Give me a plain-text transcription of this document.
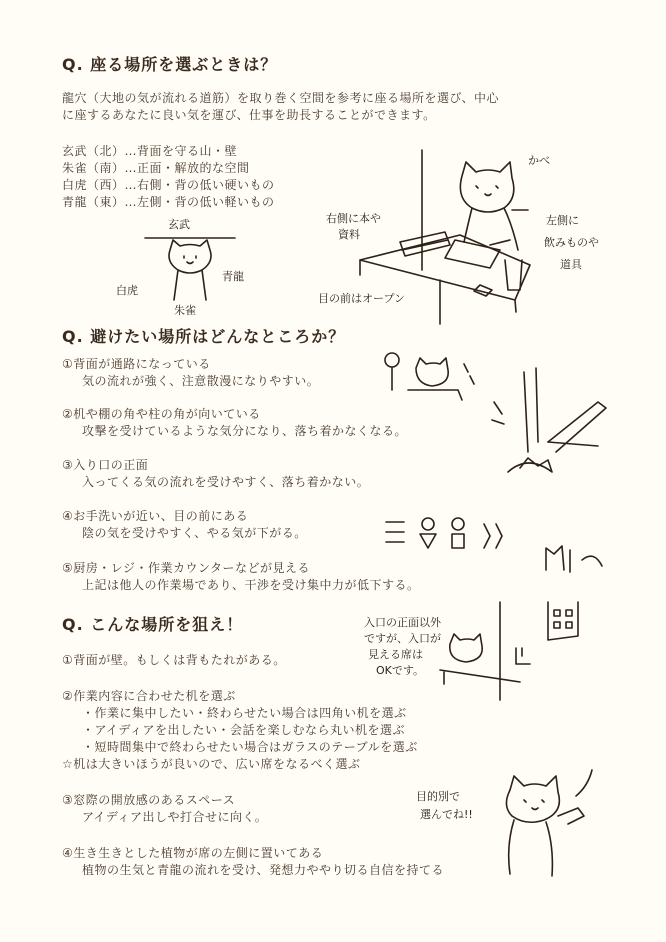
Q. 座る場所を選ぶときは？
龍穴（大地の気が流れる道筋）を取り巻く空間を参考に座る場所を選び、中心
に座するあなたに良い気を運び、仕事を助長することができます。
玄武（北）…背面を守る山・壁
朱雀（南）…正面・解放的な空間
白虎（西）…右側・背の低い硬いもの
青龍（東）…左側・背の低い軽いもの
玄武
白虎
青龍
朱雀
かべ
右側に本や
資料
左側に
飲みものや
道具
目の前はオープン
Q. 避けたい場所はどんなところか？
①背面が通路になっている
気の流れが強く、注意散漫になりやすい。
②机や棚の角や柱の角が向いている
攻撃を受けているような気分になり、落ち着かなくなる。
③入り口の正面
入ってくる気の流れを受けやすく、落ち着かない。
④お手洗いが近い、目の前にある
陰の気を受けやすく、やる気が下がる。
⑤厨房・レジ・作業カウンターなどが見える
上記は他人の作業場であり、干渉を受け集中力が低下する。
Q. こんな場所を狙え！
①背面が壁。もしくは背もたれがある。
②作業内容に合わせた机を選ぶ
・作業に集中したい・終わらせたい場合は四角い机を選ぶ
・アイディアを出したい・会話を楽しむなら丸い机を選ぶ
・短時間集中で終わらせたい場合はガラスのテーブルを選ぶ
☆机は大きいほうが良いので、広い席をなるべく選ぶ
③窓際の開放感のあるスペース
アイディア出しや打合せに向く。
④生き生きとした植物が席の左側に置いてある
植物の生気と青龍の流れを受け、発想力ややり切る自信を持てる
入口の正面以外
ですが、入口が
見える席は
OKです。
目的別で
選んでね!!
